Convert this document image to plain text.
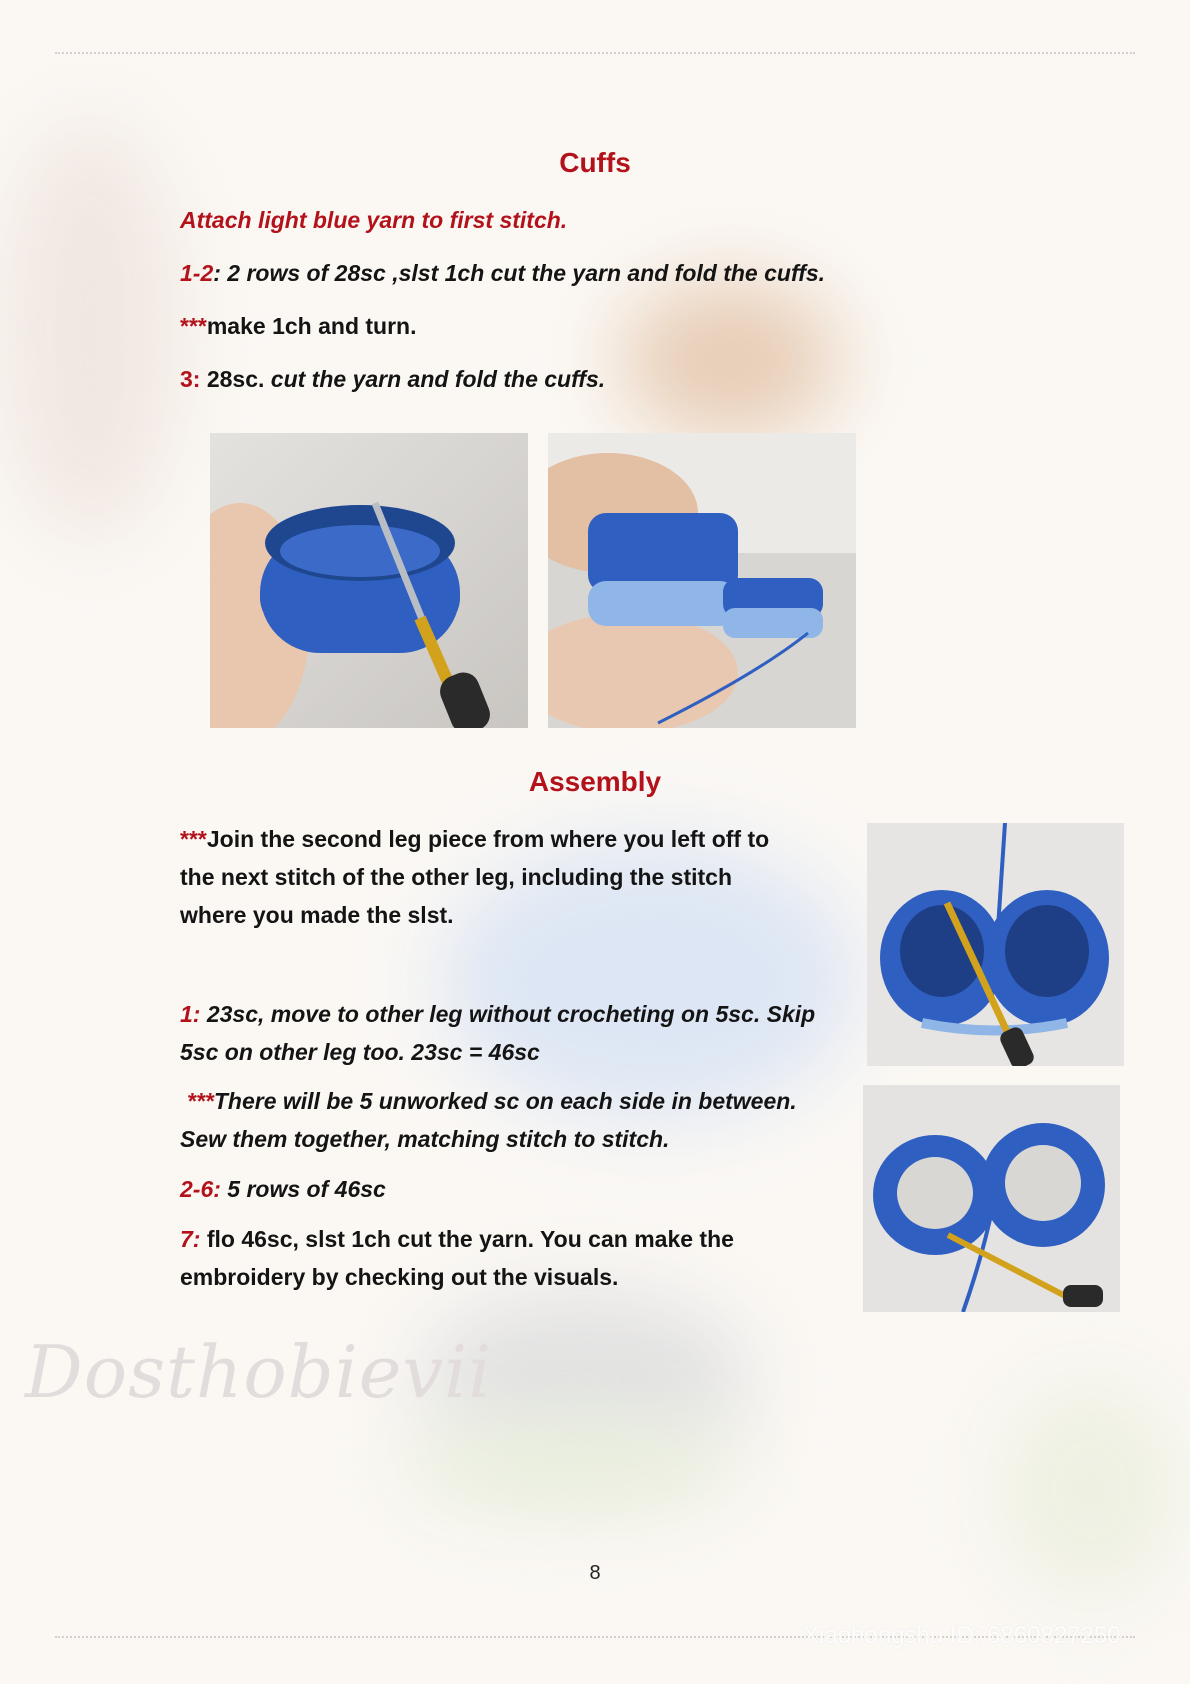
Cuffs
Attach light blue yarn to first stitch.
1-2: 2 rows of 28sc ,slst 1ch cut the yarn and fold the cuffs.
***make 1ch and turn.
3: 28sc. cut the yarn and fold the cuffs.
Assembly
***Join the second leg piece from where you left off to
the next stitch of the other leg, including the stitch
where you made the slst.
1: 23sc, move to other leg without crocheting on 5sc. Skip
5sc on other leg too. 23sc = 46sc
***There will be 5 unworked sc on each side in between.
Sew them together, matching stitch to stitch.
2-6: 5 rows of 46sc
7: flo 46sc, slst 1ch cut the yarn. You can make the
embroidery by checking out the visuals.
Dosthobievii
Xiaohongshu ID: 6860827250
8
